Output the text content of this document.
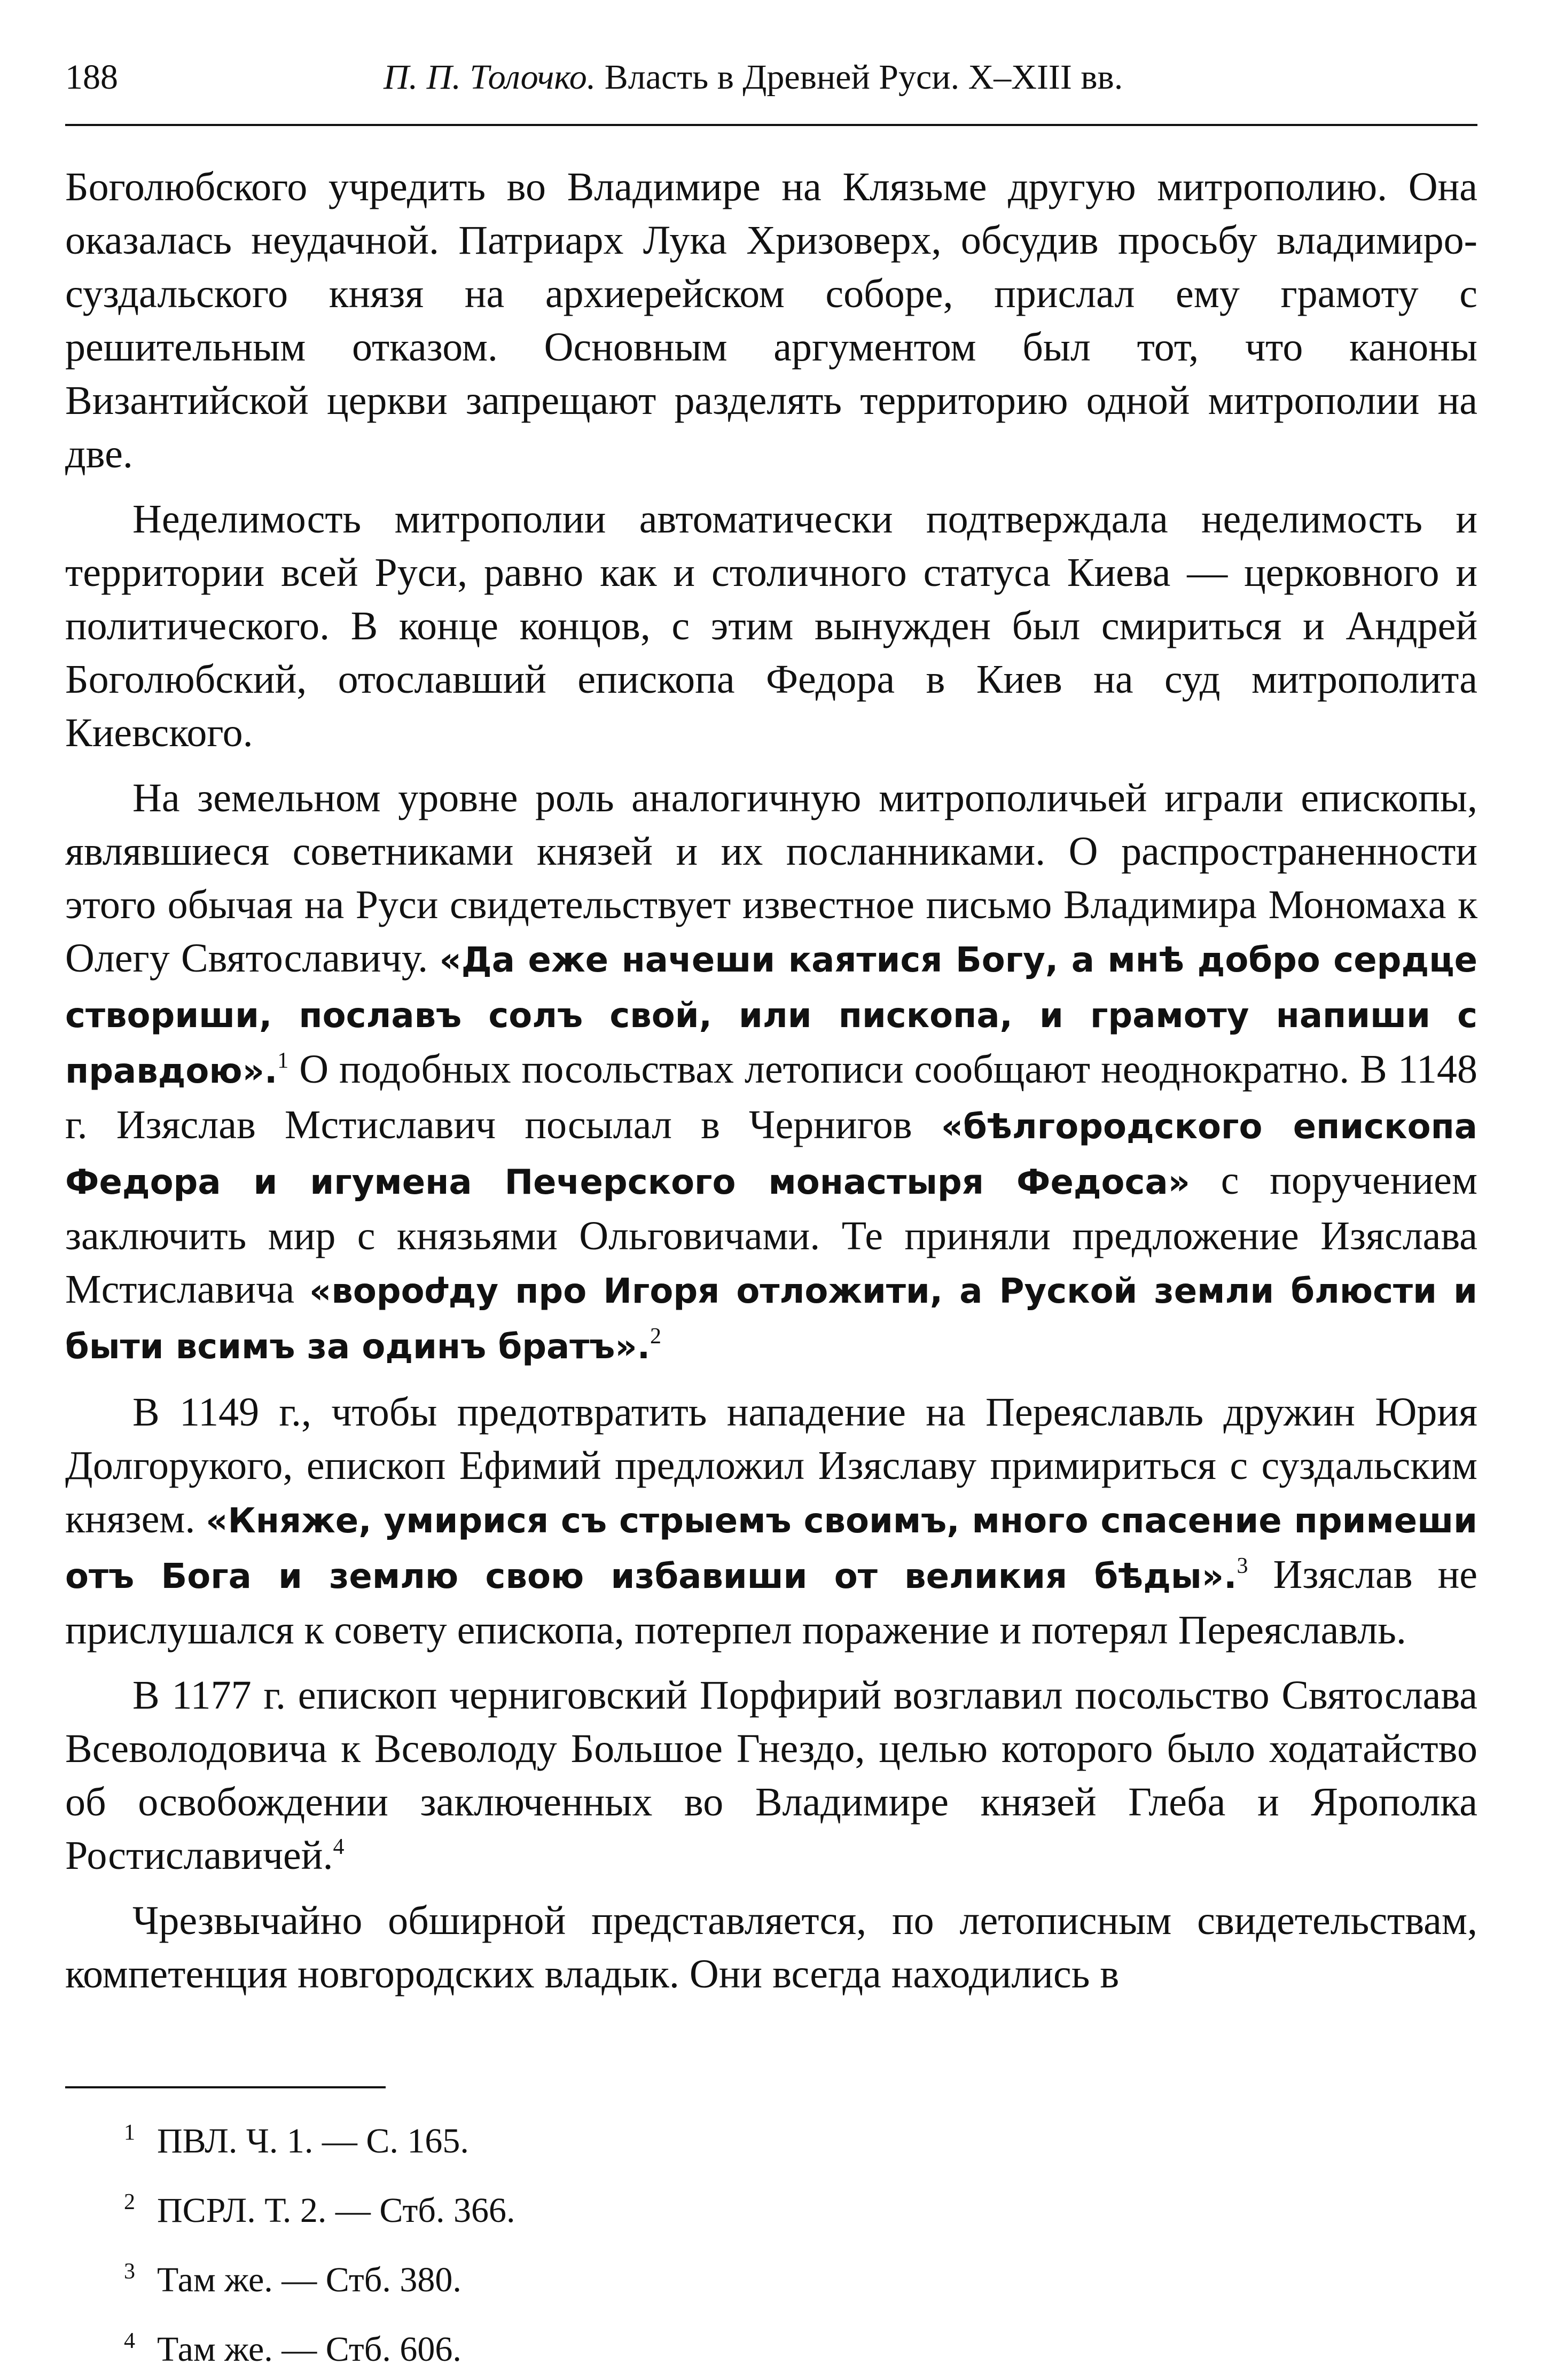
188	П. П. Толочко. Власть в Древней Руси. X–XIII вв.

Боголюбского учредить во Владимире на Клязьме другую митрополию. Она оказалась неудачной. Патриарх Лука Хризоверх, обсудив просьбу владимиро-суздальского князя на архиерейском соборе, прислал ему грамоту с решительным отказом. Основным аргументом был тот, что каноны Византийской церкви запрещают разделять территорию одной митрополии на две.

Неделимость митрополии автоматически подтверждала неделимость и территории всей Руси, равно как и столичного статуса Киева — церковного и политического. В конце концов, с этим вынужден был смириться и Андрей Боголюбский, отославший епископа Федора в Киев на суд митрополита Киевского.

На земельном уровне роль аналогичную митрополичьей играли епископы, являвшиеся советниками князей и их посланниками. О распространенности этого обычая на Руси свидетельствует известное письмо Владимира Мономаха к Олегу Святославичу. «Да еже начеши каятися Богу, а мнѣ добро сердце створиши, пославъ солъ свой, или пископа, и грамоту напиши с правдою».$^1$ О подобных посольствах летописи сообщают неоднократно. В 1148 г. Изяслав Мстиславич посылал в Чернигов «бѣлгородского епископа Федора и игумена Печерского монастыря Федоса» с поручением заключить мир с князьями Ольговичами. Те приняли предложение Изяслава Мстиславича «вороժду про Игоря отложити, а Руской земли блюсти и быти всимъ за одинъ братъ».$^2$

В 1149 г., чтобы предотвратить нападение на Переяславль дружин Юрия Долгорукого, епископ Ефимий предложил Изяславу примириться с суздальским князем. «Княже, умирися съ стрыемъ своимъ, много спасение примеши отъ Бога и землю свою избавиши от великия бѣды».$^3$ Изяслав не прислушался к совету епископа, потерпел поражение и потерял Переяславль.

В 1177 г. епископ черниговский Порфирий возглавил посольство Святослава Всеволодовича к Всеволоду Большое Гнездо, целью которого было ходатайство об освобождении заключенных во Владимире князей Глеба и Ярополка Ростиславичей.$^4$

Чрезвычайно обширной представляется, по летописным свидетельствам, компетенция новгородских владык. Они всегда находились в

1 ПВЛ. Ч. 1. — С. 165.
2 ПСРЛ. Т. 2. — Стб. 366.
3 Там же. — Стб. 380.
4 Там же. — Стб. 606.
